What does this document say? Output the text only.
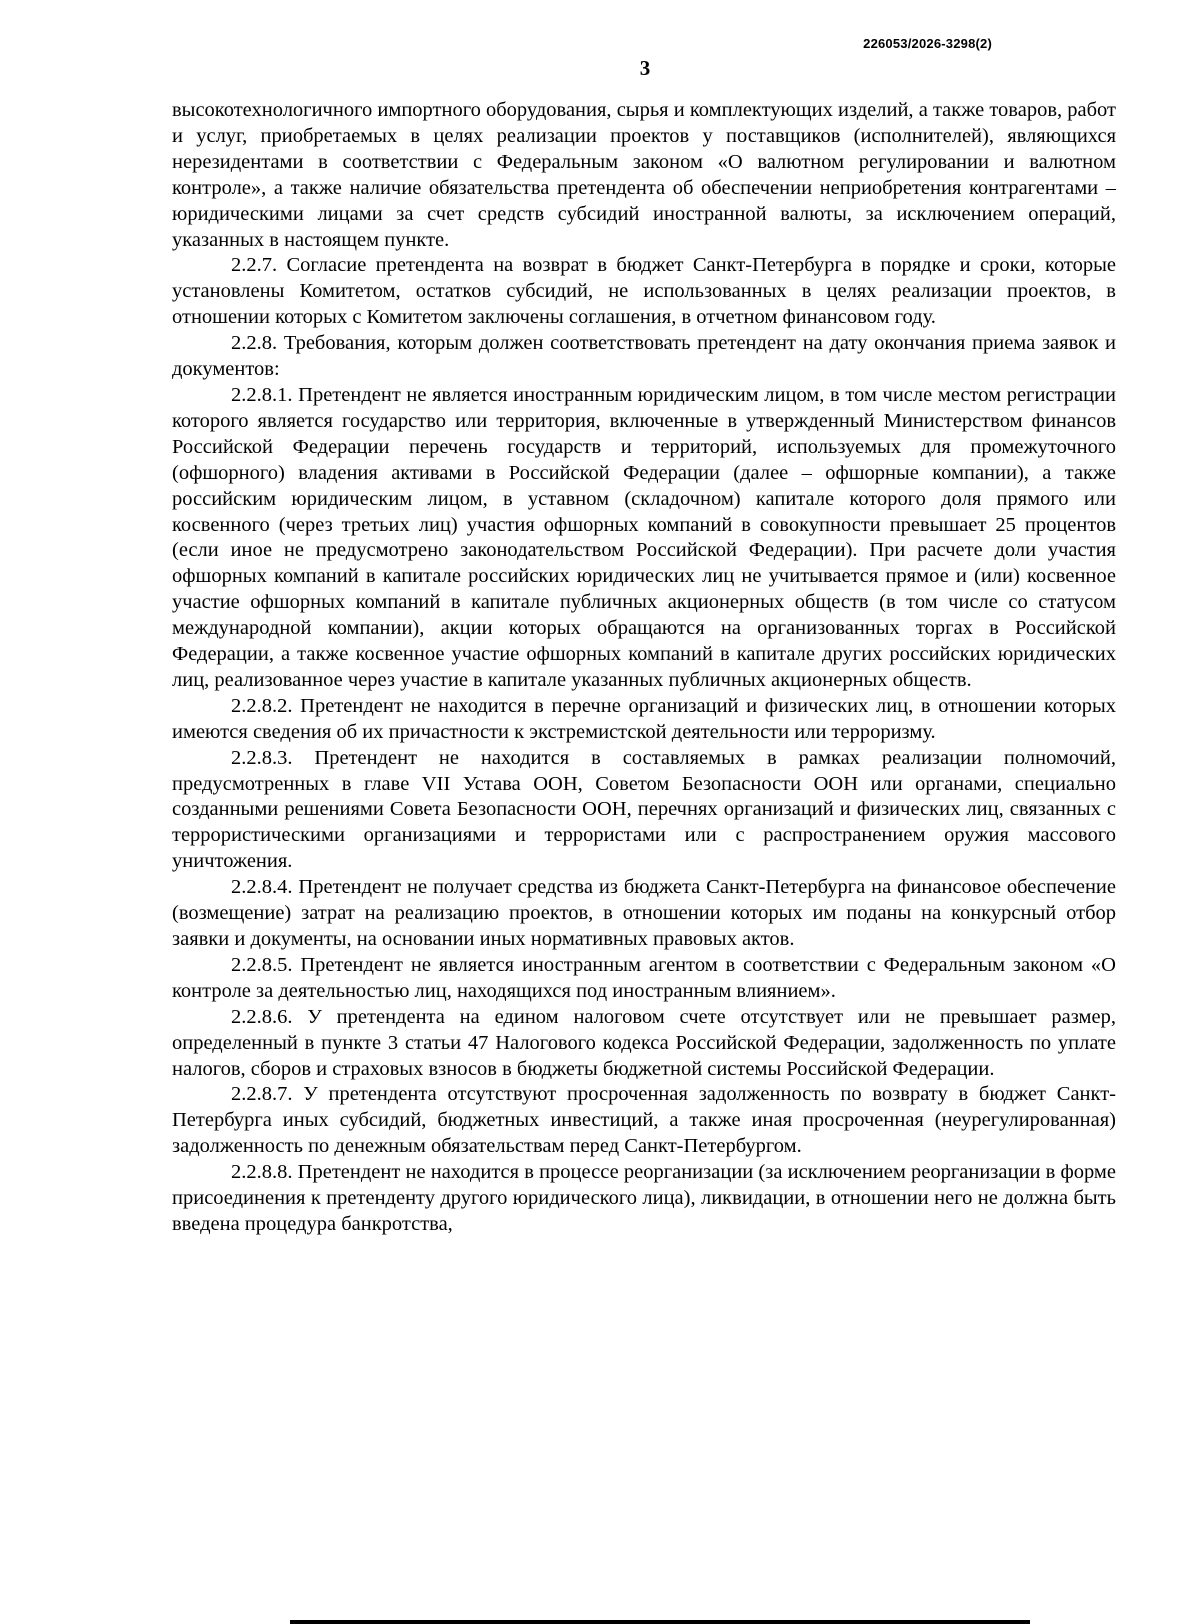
226053/2026-3298(2)
3

высокотехнологичного импортного оборудования, сырья и комплектующих изделий, а также товаров, работ и услуг, приобретаемых в целях реализации проектов у поставщиков (исполнителей), являющихся нерезидентами в соответствии с Федеральным законом «О валютном регулировании и валютном контроле», а также наличие обязательства претендента об обеспечении неприобретения контрагентами – юридическими лицами за счет средств субсидий иностранной валюты, за исключением операций, указанных в настоящем пункте.

2.2.7. Согласие претендента на возврат в бюджет Санкт-Петербурга в порядке и сроки, которые установлены Комитетом, остатков субсидий, не использованных в целях реализации проектов, в отношении которых с Комитетом заключены соглашения, в отчетном финансовом году.

2.2.8. Требования, которым должен соответствовать претендент на дату окончания приема заявок и документов:

2.2.8.1. Претендент не является иностранным юридическим лицом, в том числе местом регистрации которого является государство или территория, включенные в утвержденный Министерством финансов Российской Федерации перечень государств и территорий, используемых для промежуточного (офшорного) владения активами в Российской Федерации (далее – офшорные компании), а также российским юридическим лицом, в уставном (складочном) капитале которого доля прямого или косвенного (через третьих лиц) участия офшорных компаний в совокупности превышает 25 процентов (если иное не предусмотрено законодательством Российской Федерации). При расчете доли участия офшорных компаний в капитале российских юридических лиц не учитывается прямое и (или) косвенное участие офшорных компаний в капитале публичных акционерных обществ (в том числе со статусом международной компании), акции которых обращаются на организованных торгах в Российской Федерации, а также косвенное участие офшорных компаний в капитале других российских юридических лиц, реализованное через участие в капитале указанных публичных акционерных обществ.

2.2.8.2. Претендент не находится в перечне организаций и физических лиц, в отношении которых имеются сведения об их причастности к экстремистской деятельности или терроризму.

2.2.8.3. Претендент не находится в составляемых в рамках реализации полномочий, предусмотренных в главе VII Устава ООН, Советом Безопасности ООН или органами, специально созданными решениями Совета Безопасности ООН, перечнях организаций и физических лиц, связанных с террористическими организациями и террористами или с распространением оружия массового уничтожения.

2.2.8.4. Претендент не получает средства из бюджета Санкт-Петербурга на финансовое обеспечение (возмещение) затрат на реализацию проектов, в отношении которых им поданы на конкурсный отбор заявки и документы, на основании иных нормативных правовых актов.

2.2.8.5. Претендент не является иностранным агентом в соответствии с Федеральным законом «О контроле за деятельностью лиц, находящихся под иностранным влиянием».

2.2.8.6. У претендента на едином налоговом счете отсутствует или не превышает размер, определенный в пункте 3 статьи 47 Налогового кодекса Российской Федерации, задолженность по уплате налогов, сборов и страховых взносов в бюджеты бюджетной системы Российской Федерации.

2.2.8.7. У претендента отсутствуют просроченная задолженность по возврату в бюджет Санкт-Петербурга иных субсидий, бюджетных инвестиций, а также иная просроченная (неурегулированная) задолженность по денежным обязательствам перед Санкт-Петербургом.

2.2.8.8. Претендент не находится в процессе реорганизации (за исключением реорганизации в форме присоединения к претенденту другого юридического лица), ликвидации, в отношении него не должна быть введена процедура банкротства,
